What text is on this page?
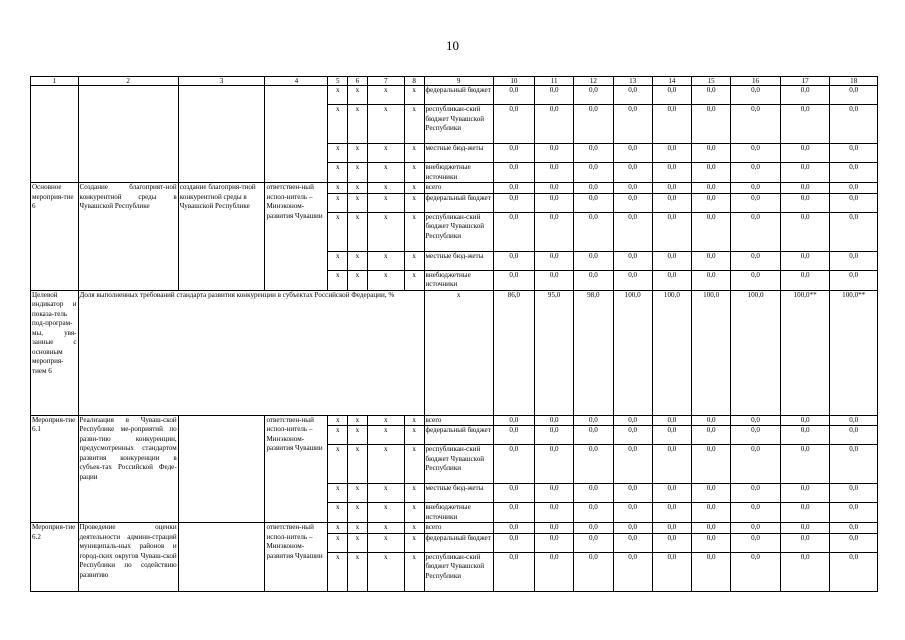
10
1	2	3	4	5	6	7	8	9	10	11	12	13	14	15	16	17	18
				х	х	х	х	федеральный бюджет	0,0	0,0	0,0	0,0	0,0	0,0	0,0	0,0	0,0
				х	х	х	х	республикан-ский бюджет Чувашской Республики	0,0	0,0	0,0	0,0	0,0	0,0	0,0	0,0	0,0
				х	х	х	х	местные бюд-жеты	0,0	0,0	0,0	0,0	0,0	0,0	0,0	0,0	0,0
				х	х	х	х	внебюджетные источники	0,0	0,0	0,0	0,0	0,0	0,0	0,0	0,0	0,0
Основное мероприя-тие 6	Создание благоприят-ной конкурентной среды в Чувашской Республике	создание благоприя-тной конкурентной среды в Чувашской Республике	ответствен-ный испол-нитель – Минэконом-развития Чувашии	х	х	х	х	всего	0,0	0,0	0,0	0,0	0,0	0,0	0,0	0,0	0,0
				х	х	х	х	федеральный бюджет	0,0	0,0	0,0	0,0	0,0	0,0	0,0	0,0	0,0
				х	х	х	х	республикан-ский бюджет Чувашской Республики	0,0	0,0	0,0	0,0	0,0	0,0	0,0	0,0	0,0
				х	х	х	х	местные бюд-жеты	0,0	0,0	0,0	0,0	0,0	0,0	0,0	0,0	0,0
				х	х	х	х	внебюджетные источники	0,0	0,0	0,0	0,0	0,0	0,0	0,0	0,0	0,0
Целевой индикатор и показа-тель под-програм-мы, увя-занные с основным мероприя-тием 6	Доля выполненных требований стандарта развития конкуренции в субъектах Российской Федерации, %							х	86,0	95,0	98,0	100,0	100,0	100,0	100,0	100,0**	100,0**
Мероприя-тие 6.1	Реализация в Чуваш-ской Республике ме-роприятий по разви-тию конкуренции, предусмотренных стандартом развития конкуренции в субъек-тах Российской Феде-рации		ответствен-ный испол-нитель – Минэконом-развития Чувашии	х	х	х	х	всего	0,0	0,0	0,0	0,0	0,0	0,0	0,0	0,0	0,0
				х	х	х	х	федеральный бюджет	0,0	0,0	0,0	0,0	0,0	0,0	0,0	0,0	0,0
				х	х	х	х	республикан-ский бюджет Чувашской Республики	0,0	0,0	0,0	0,0	0,0	0,0	0,0	0,0	0,0
				х	х	х	х	местные бюд-жеты	0,0	0,0	0,0	0,0	0,0	0,0	0,0	0,0	0,0
				х	х	х	х	внебюджетные источники	0,0	0,0	0,0	0,0	0,0	0,0	0,0	0,0	0,0
Мероприя-тие 6.2	Проведение оценки деятельности админи-страций муниципаль-ных районов и город-ских округов Чуваш-ской Республики по содействию развитию		ответствен-ный испол-нитель – Минэконом-развития Чувашии	х	х	х	х	всего	0,0	0,0	0,0	0,0	0,0	0,0	0,0	0,0	0,0
				х	х	х	х	федеральный бюджет	0,0	0,0	0,0	0,0	0,0	0,0	0,0	0,0	0,0
				х	х	х	х	республикан-ский бюджет Чувашской Республики	0,0	0,0	0,0	0,0	0,0	0,0	0,0	0,0	0,0
